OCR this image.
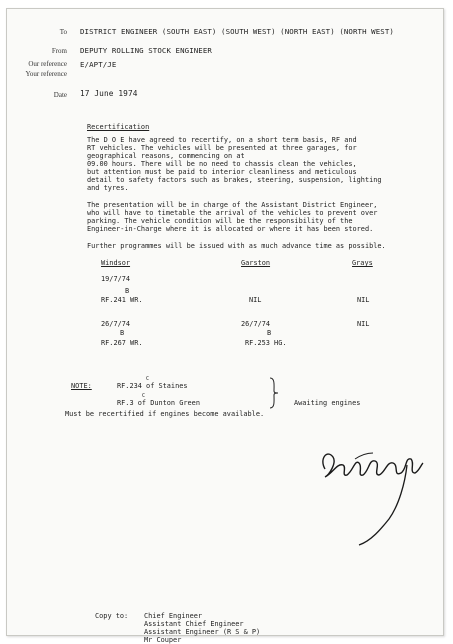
To DISTRICT ENGINEER (SOUTH EAST) (SOUTH WEST) (NORTH EAST) (NORTH WEST)
From DEPUTY ROLLING STOCK ENGINEER
Our reference E/APT/JE
Your reference
Date 17 June 1974
Recertification
The D O E have agreed to recertify, on a short term basis, RF and
RT vehicles. The vehicles will be presented at three garages, for
geographical reasons, commencing on at
09.00 hours. There will be no need to chassis clean the vehicles,
but attention must be paid to interior cleanliness and meticulous
detail to safety factors such as brakes, steering, suspension, lighting
and tyres.
The presentation will be in charge of the Assistant District Engineer,
who will have to timetable the arrival of the vehicles to prevent over
parking. The vehicle condition will be the responsibility of the
Engineer-in-Charge where it is allocated or where it has been stored.
Further programmes will be issued with as much advance time as possible.
Windsor	Garston	Grays
19/7/74
B
RF.241 WR.	NIL	NIL
26/7/74	26/7/74	NIL
B	B
RF.267 WR.	RF.253 HG.
NOTE:	RF.234 of Staines
C
RF.3 of Dunton Green
C
Awaiting engines
Must be recertified if engines become available.
Copy to: Chief Engineer
Assistant Chief Engineer
Assistant Engineer (R S & P)
Mr Couper
